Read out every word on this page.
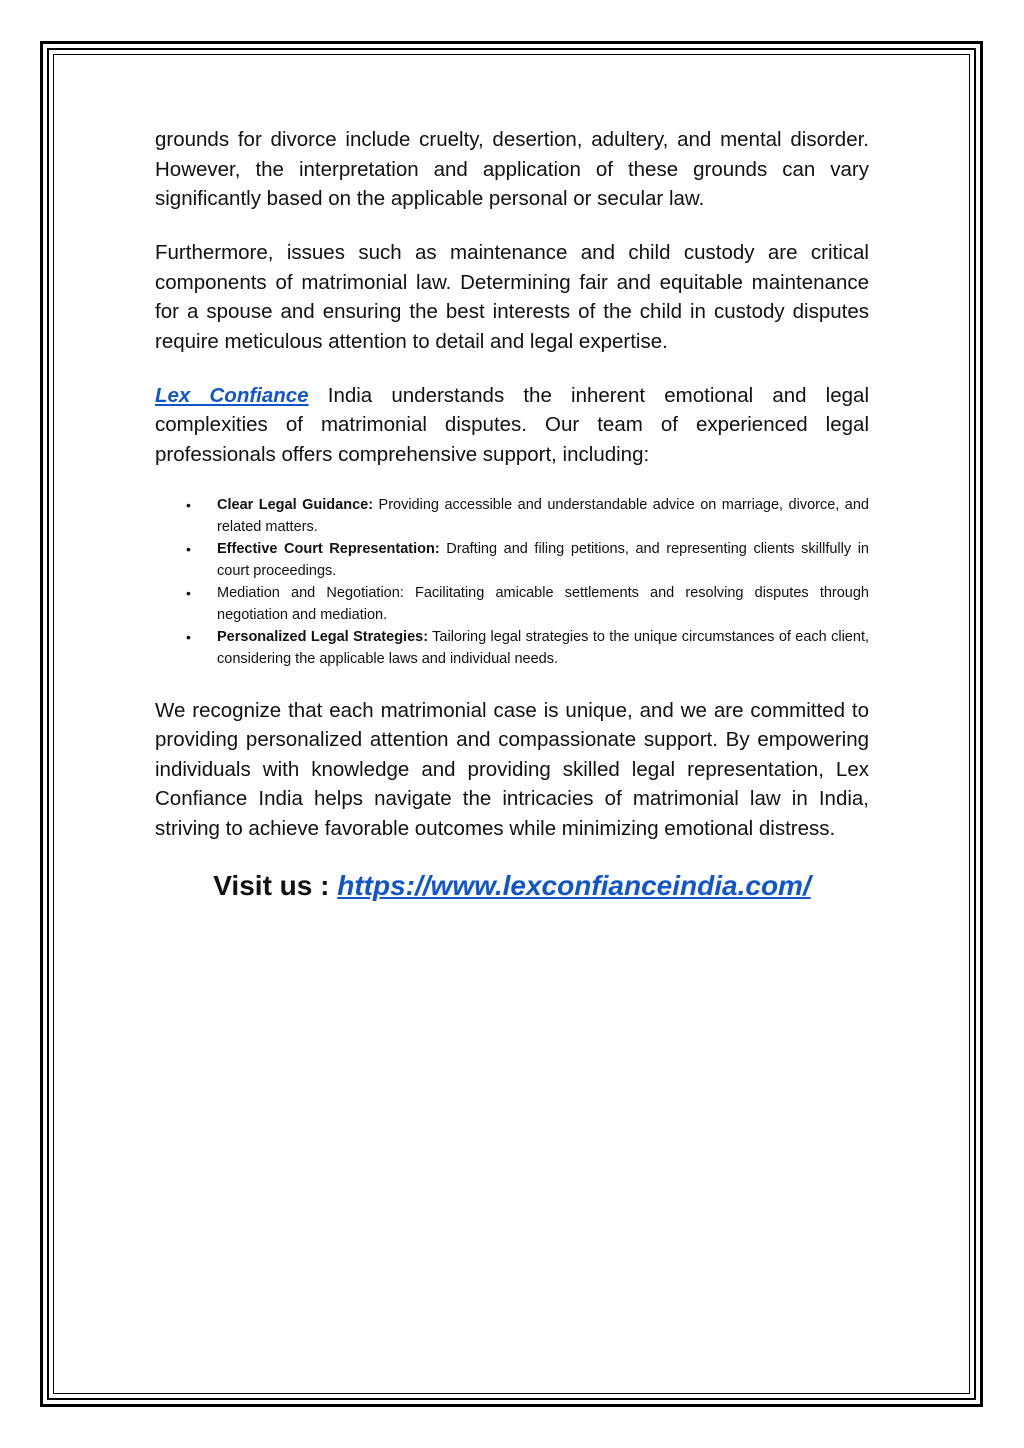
grounds for divorce include cruelty, desertion, adultery, and mental disorder. However, the interpretation and application of these grounds can vary significantly based on the applicable personal or secular law.

Furthermore, issues such as maintenance and child custody are critical components of matrimonial law. Determining fair and equitable maintenance for a spouse and ensuring the best interests of the child in custody disputes require meticulous attention to detail and legal expertise.

Lex Confiance India understands the inherent emotional and legal complexities of matrimonial disputes. Our team of experienced legal professionals offers comprehensive support, including:

• Clear Legal Guidance: Providing accessible and understandable advice on marriage, divorce, and related matters.
• Effective Court Representation: Drafting and filing petitions, and representing clients skillfully in court proceedings.
• Mediation and Negotiation: Facilitating amicable settlements and resolving disputes through negotiation and mediation.
• Personalized Legal Strategies: Tailoring legal strategies to the unique circumstances of each client, considering the applicable laws and individual needs.

We recognize that each matrimonial case is unique, and we are committed to providing personalized attention and compassionate support. By empowering individuals with knowledge and providing skilled legal representation, Lex Confiance India helps navigate the intricacies of matrimonial law in India, striving to achieve favorable outcomes while minimizing emotional distress.

Visit us : https://www.lexconfianceindia.com/
